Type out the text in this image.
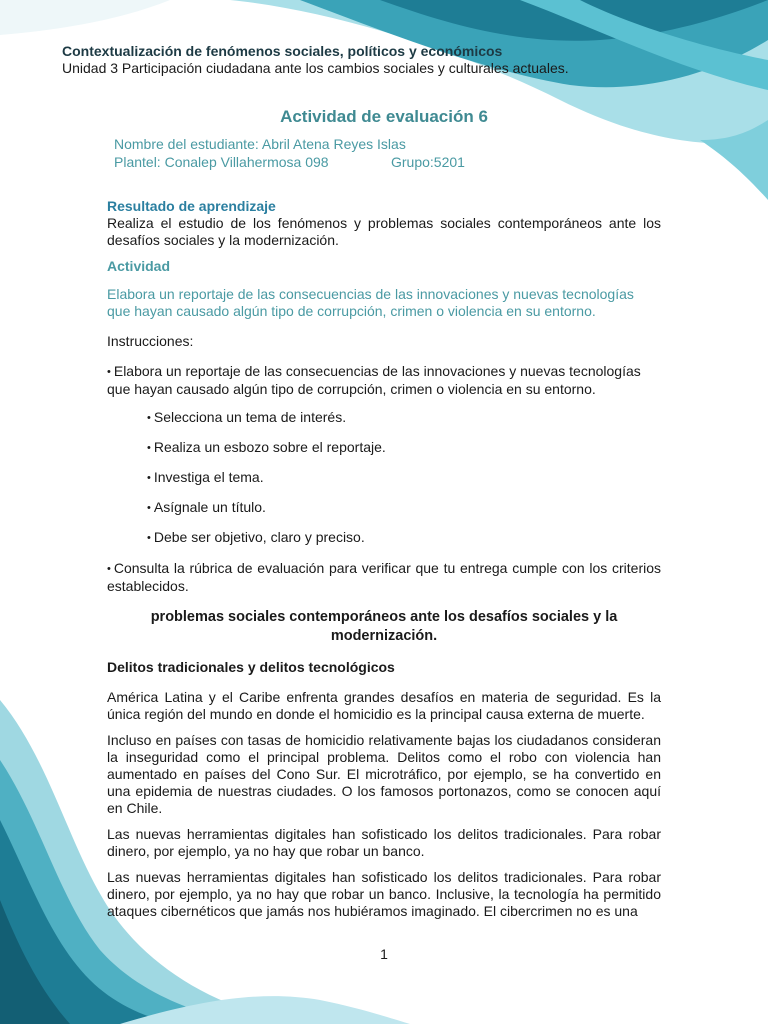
Contextualización de fenómenos sociales, políticos y económicos
Unidad 3 Participación ciudadana ante los cambios sociales y culturales actuales.
Actividad de evaluación 6
Nombre del estudiante: Abril Atena Reyes Islas
Plantel: Conalep Villahermosa 098	Grupo:5201

Resultado de aprendizaje

Realiza el estudio de los fenómenos y problemas sociales contemporáneos ante los desafíos sociales y la modernización.

Actividad

Elabora un reportaje de las consecuencias de las innovaciones y nuevas tecnologías que hayan causado algún tipo de corrupción, crimen o violencia en su entorno.

Instrucciones:

• Elabora un reportaje de las consecuencias de las innovaciones y nuevas tecnologías que hayan causado algún tipo de corrupción, crimen o violencia en su entorno.

• Selecciona un tema de interés.
• Realiza un esbozo sobre el reportaje.
• Investiga el tema.
• Asígnale un título.
• Debe ser objetivo, claro y preciso.

• Consulta la rúbrica de evaluación para verificar que tu entrega cumple con los criterios establecidos.

problemas sociales contemporáneos ante los desafíos sociales y la modernización.

Delitos tradicionales y delitos tecnológicos

América Latina y el Caribe enfrenta grandes desafíos en materia de seguridad. Es la única región del mundo en donde el homicidio es la principal causa externa de muerte.

Incluso en países con tasas de homicidio relativamente bajas los ciudadanos consideran la inseguridad como el principal problema. Delitos como el robo con violencia han aumentado en países del Cono Sur. El microtráfico, por ejemplo, se ha convertido en una epidemia de nuestras ciudades. O los famosos portonazos, como se conocen aquí en Chile.

Las nuevas herramientas digitales han sofisticado los delitos tradicionales. Para robar dinero, por ejemplo, ya no hay que robar un banco.

Las nuevas herramientas digitales han sofisticado los delitos tradicionales. Para robar dinero, por ejemplo, ya no hay que robar un banco. Inclusive, la tecnología ha permitido ataques cibernéticos que jamás nos hubiéramos imaginado. El cibercrimen no es una

1
